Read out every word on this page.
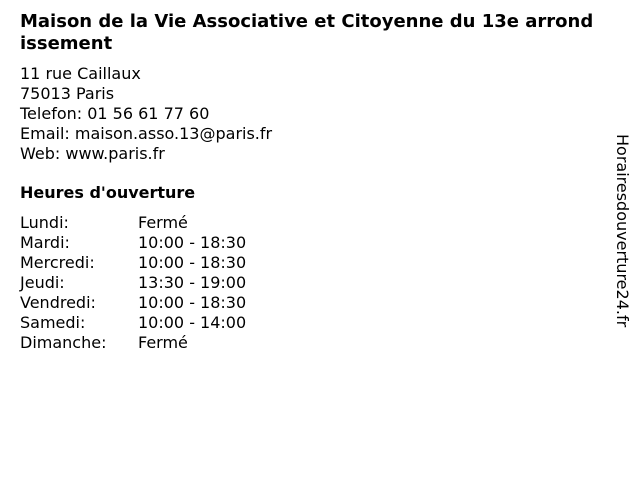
Maison de la Vie Associative et Citoyenne du 13e arrondissement
11 rue Caillaux
75013 Paris
Telefon: 01 56 61 77 60
Email: maison.asso.13@paris.fr
Web: www.paris.fr
Heures d'ouverture
Lundi:	Fermé
Mardi:	10:00 - 18:30
Mercredi:	10:00 - 18:30
Jeudi:	13:30 - 19:00
Vendredi:	10:00 - 18:30
Samedi:	10:00 - 14:00
Dimanche:	Fermé
Horairesdouverture24.fr
